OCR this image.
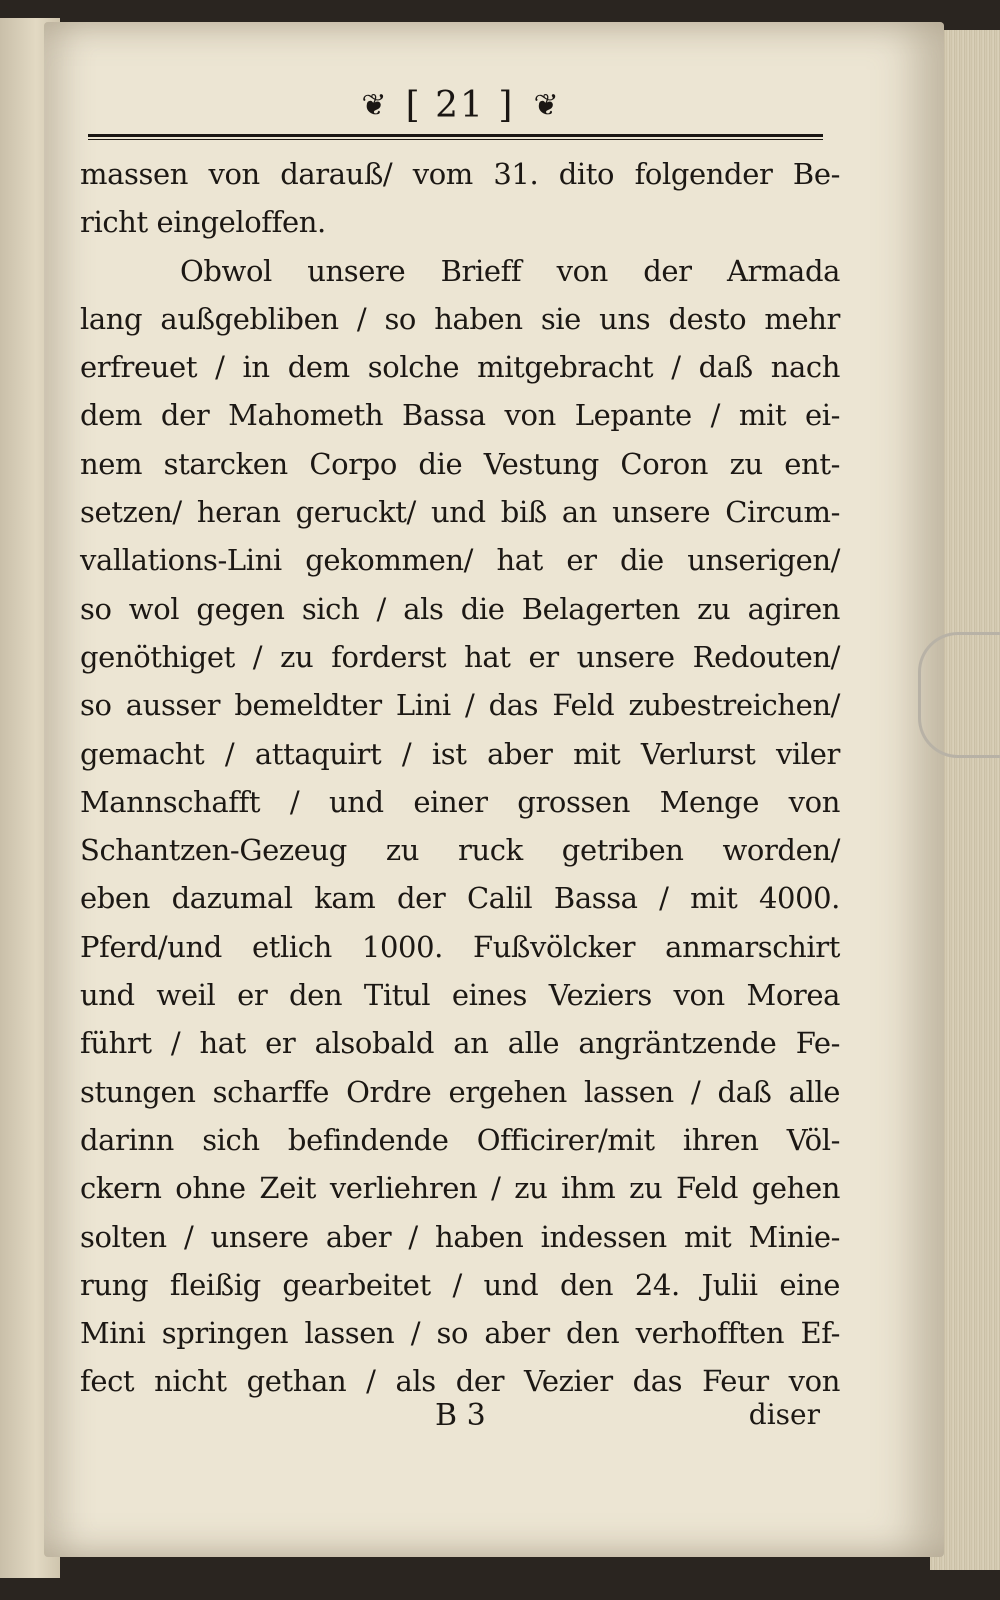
❦ [ 21 ] ❦
massen von darauß/ vom 31. dito folgender Be-
richt eingeloffen.
Obwol unsere Brieff von der Armada
lang außgebliben / so haben sie uns desto mehr
erfreuet / in dem solche mitgebracht / daß nach
dem der Mahometh Bassa von Lepante / mit ei-
nem starcken Corpo die Vestung Coron zu ent-
setzen/ heran geruckt/ und biß an unsere Circum-
vallations-Lini gekommen/ hat er die unserigen/
so wol gegen sich / als die Belagerten zu agiren
genöthiget / zu forderst hat er unsere Redouten/
so ausser bemeldter Lini / das Feld zubestreichen/
gemacht / attaquirt / ist aber mit Verlurst viler
Mannschafft / und einer grossen Menge von
Schantzen-Gezeug zu ruck getriben worden/
eben dazumal kam der Calil Bassa / mit 4000.
Pferd/und etlich 1000. Fußvölcker anmarschirt
und weil er den Titul eines Veziers von Morea
führt / hat er alsobald an alle angräntzende Fe-
stungen scharffe Ordre ergehen lassen / daß alle
darinn sich befindende Officirer/mit ihren Völ-
ckern ohne Zeit verliehren / zu ihm zu Feld gehen
solten / unsere aber / haben indessen mit Minie-
rung fleißig gearbeitet / und den 24. Julii eine
Mini springen lassen / so aber den verhofften Ef-
fect nicht gethan / als der Vezier das Feur von
B 3	diser
